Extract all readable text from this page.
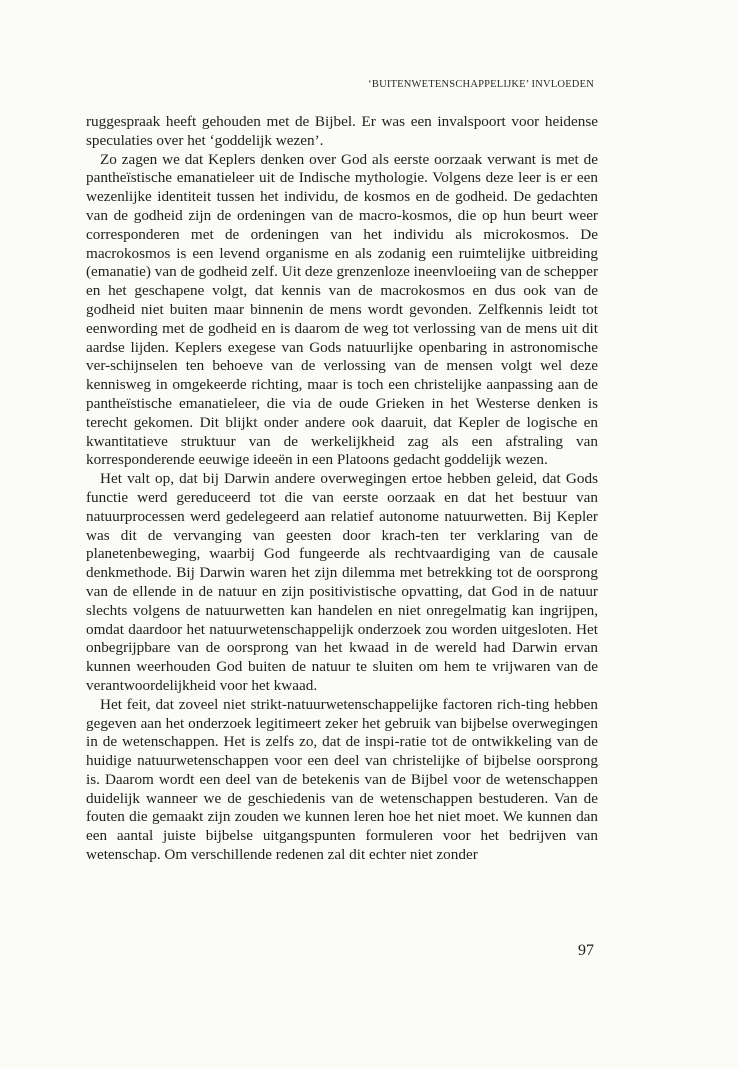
‘BUITENWETENSCHAPPELIJKE’ INVLOEDEN

ruggespraak heeft gehouden met de Bijbel. Er was een invalspoort voor heidense speculaties over het ‘goddelijk wezen’.

Zo zagen we dat Keplers denken over God als eerste oorzaak verwant is met de pantheïstische emanatieleer uit de Indische mythologie. Volgens deze leer is er een wezenlijke identiteit tussen het individu, de kosmos en de godheid. De gedachten van de godheid zijn de ordeningen van de macro-kosmos, die op hun beurt weer corresponderen met de ordeningen van het individu als microkosmos. De macrokosmos is een levend organisme en als zodanig een ruimtelijke uitbreiding (emanatie) van de godheid zelf. Uit deze grenzenloze ineenvloeiing van de schepper en het geschapene volgt, dat kennis van de macrokosmos en dus ook van de godheid niet buiten maar binnenin de mens wordt gevonden. Zelfkennis leidt tot eenwording met de godheid en is daarom de weg tot verlossing van de mens uit dit aardse lijden. Keplers exegese van Gods natuurlijke openbaring in astronomische ver-schijnselen ten behoeve van de verlossing van de mensen volgt wel deze kennisweg in omgekeerde richting, maar is toch een christelijke aanpassing aan de pantheïstische emanatieleer, die via de oude Grieken in het Westerse denken is terecht gekomen. Dit blijkt onder andere ook daaruit, dat Kepler de logische en kwantitatieve struktuur van de werkelijkheid zag als een afstraling van korresponderende eeuwige ideeën in een Platoons gedacht goddelijk wezen.

Het valt op, dat bij Darwin andere overwegingen ertoe hebben geleid, dat Gods functie werd gereduceerd tot die van eerste oorzaak en dat het bestuur van natuurprocessen werd gedelegeerd aan relatief autonome natuurwetten. Bij Kepler was dit de vervanging van geesten door krach-ten ter verklaring van de planetenbeweging, waarbij God fungeerde als rechtvaardiging van de causale denkmethode. Bij Darwin waren het zijn dilemma met betrekking tot de oorsprong van de ellende in de natuur en zijn positivistische opvatting, dat God in de natuur slechts volgens de natuurwetten kan handelen en niet onregelmatig kan ingrijpen, omdat daardoor het natuurwetenschappelijk onderzoek zou worden uitgesloten. Het onbegrijpbare van de oorsprong van het kwaad in de wereld had Darwin ervan kunnen weerhouden God buiten de natuur te sluiten om hem te vrijwaren van de verantwoordelijkheid voor het kwaad.

Het feit, dat zoveel niet strikt-natuurwetenschappelijke factoren rich-ting hebben gegeven aan het onderzoek legitimeert zeker het gebruik van bijbelse overwegingen in de wetenschappen. Het is zelfs zo, dat de inspi-ratie tot de ontwikkeling van de huidige natuurwetenschappen voor een deel van christelijke of bijbelse oorsprong is. Daarom wordt een deel van de betekenis van de Bijbel voor de wetenschappen duidelijk wanneer we de geschiedenis van de wetenschappen bestuderen. Van de fouten die gemaakt zijn zouden we kunnen leren hoe het niet moet. We kunnen dan een aantal juiste bijbelse uitgangspunten formuleren voor het bedrijven van wetenschap. Om verschillende redenen zal dit echter niet zonder

97
